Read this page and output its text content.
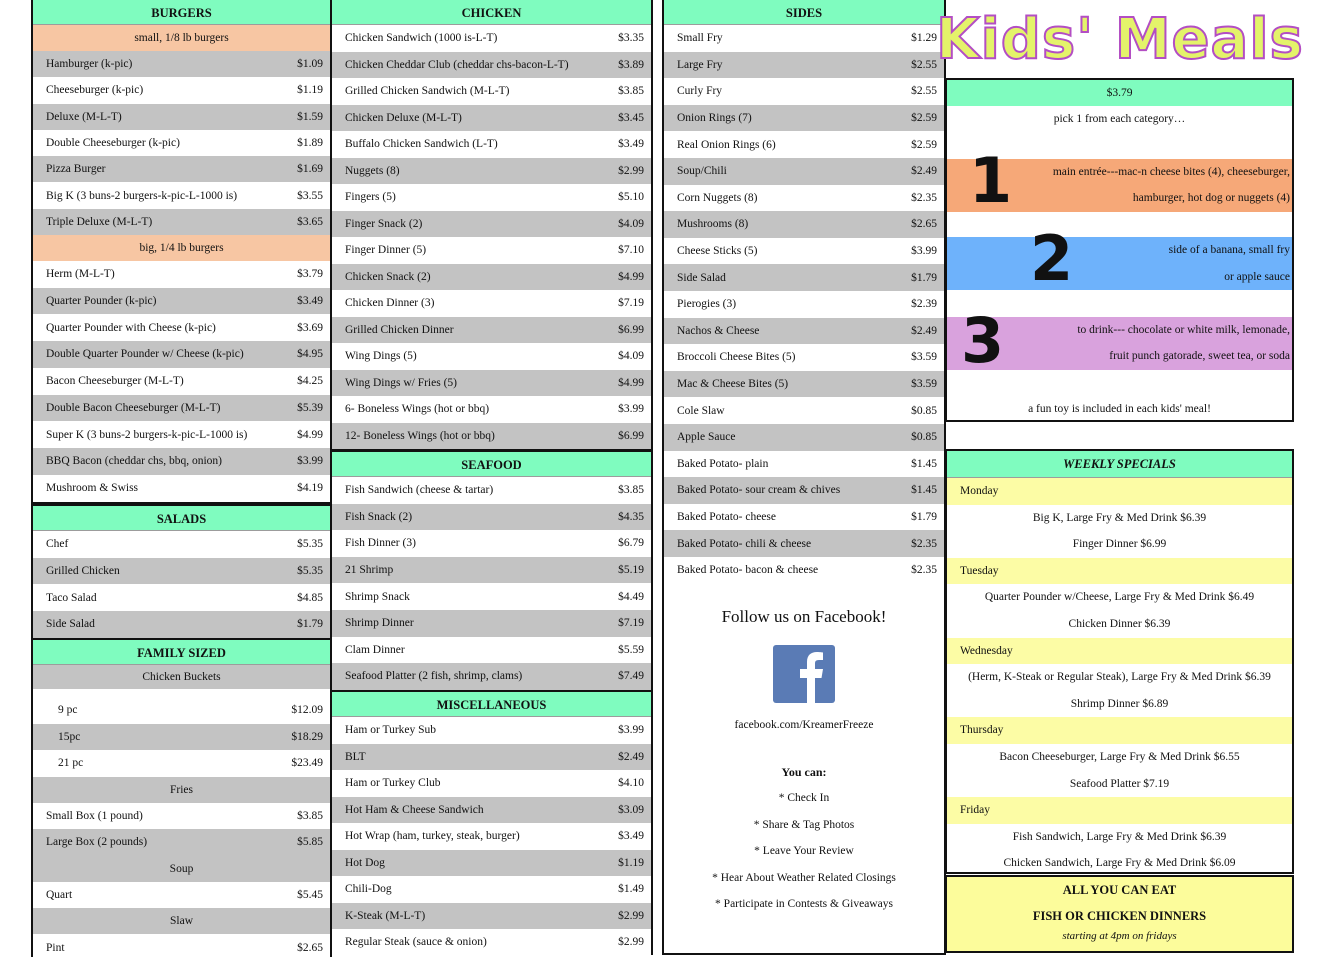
BURGERS
small, 1/8 lb burgers
Hamburger (k-pic)	$1.09
Cheeseburger (k-pic)	$1.19
Deluxe (M-L-T)	$1.59
Double Cheeseburger (k-pic)	$1.89
Pizza Burger	$1.69
Big K (3 buns-2 burgers-k-pic-L-1000 is)	$3.55
Triple Deluxe (M-L-T)	$3.65
big, 1/4 lb burgers
Herm (M-L-T)	$3.79
Quarter Pounder (k-pic)	$3.49
Quarter Pounder with Cheese (k-pic)	$3.69
Double Quarter Pounder w/ Cheese (k-pic)	$4.95
Bacon Cheeseburger (M-L-T)	$4.25
Double Bacon Cheeseburger (M-L-T)	$5.39
Super K (3 buns-2 burgers-k-pic-L-1000 is)	$4.99
BBQ Bacon (cheddar chs, bbq, onion)	$3.99
Mushroom & Swiss	$4.19
SALADS
Chef	$5.35
Grilled Chicken	$5.35
Taco Salad	$4.85
Side Salad	$1.79
FAMILY SIZED
Chicken Buckets
9 pc	$12.09
15pc	$18.29
21 pc	$23.49
Fries
Small Box (1 pound)	$3.85
Large Box (2 pounds)	$5.85
Soup
Quart	$5.45
Slaw
Pint	$2.65
CHICKEN
Chicken Sandwich (1000 is-L-T)	$3.35
Chicken Cheddar Club (cheddar chs-bacon-L-T)	$3.89
Grilled Chicken Sandwich (M-L-T)	$3.85
Chicken Deluxe (M-L-T)	$3.45
Buffalo Chicken Sandwich (L-T)	$3.49
Nuggets (8)	$2.99
Fingers (5)	$5.10
Finger Snack (2)	$4.09
Finger Dinner (5)	$7.10
Chicken Snack (2)	$4.99
Chicken Dinner (3)	$7.19
Grilled Chicken Dinner	$6.99
Wing Dings (5)	$4.09
Wing Dings w/ Fries (5)	$4.99
6- Boneless Wings (hot or bbq)	$3.99
12- Boneless Wings (hot or bbq)	$6.99
SEAFOOD
Fish Sandwich (cheese & tartar)	$3.85
Fish Snack (2)	$4.35
Fish Dinner (3)	$6.79
21 Shrimp	$5.19
Shrimp Snack	$4.49
Shrimp Dinner	$7.19
Clam Dinner	$5.59
Seafood Platter (2 fish, shrimp, clams)	$7.49
MISCELLANEOUS
Ham or Turkey Sub	$3.99
BLT	$2.49
Ham or Turkey Club	$4.10
Hot Ham & Cheese Sandwich	$3.09
Hot Wrap (ham, turkey, steak, burger)	$3.49
Hot Dog	$1.19
Chili-Dog	$1.49
K-Steak (M-L-T)	$2.99
Regular Steak (sauce & onion)	$2.99
SIDES
Small Fry	$1.29
Large Fry	$2.55
Curly Fry	$2.55
Onion Rings (7)	$2.59
Real Onion Rings (6)	$2.59
Soup/Chili	$2.49
Corn Nuggets (8)	$2.35
Mushrooms (8)	$2.65
Cheese Sticks (5)	$3.99
Side Salad	$1.79
Pierogies (3)	$2.39
Nachos & Cheese	$2.49
Broccoli Cheese Bites (5)	$3.59
Mac & Cheese Bites (5)	$3.59
Cole Slaw	$0.85
Apple Sauce	$0.85
Baked Potato- plain	$1.45
Baked Potato- sour cream & chives	$1.45
Baked Potato- cheese	$1.79
Baked Potato- chili & cheese	$2.35
Baked Potato- bacon & cheese	$2.35
Follow us on Facebook!
facebook.com/KreamerFreeze
You can:
* Check In
* Share & Tag Photos
* Leave Your Review
* Hear About Weather Related Closings
* Participate in Contests & Giveaways
Kids' Meals
$3.79
pick 1 from each category…
main entrée---mac-n cheese bites (4), cheeseburger,
hamburger, hot dog or nuggets (4)
side of a banana, small fry
or apple sauce
to drink--- chocolate or white milk, lemonade,
fruit punch gatorade, sweet tea, or soda
1
2
3
a fun toy is included in each kids' meal!
WEEKLY SPECIALS
Monday
Big K, Large Fry & Med Drink $6.39
Finger Dinner $6.99
Tuesday
Quarter Pounder w/Cheese, Large Fry & Med Drink $6.49
Chicken Dinner $6.39
Wednesday
(Herm, K-Steak or Regular Steak), Large Fry & Med Drink $6.39
Shrimp Dinner $6.89
Thursday
Bacon Cheeseburger, Large Fry & Med Drink $6.55
Seafood Platter $7.19
Friday
Fish Sandwich, Large Fry & Med Drink $6.39
Chicken Sandwich, Large Fry & Med Drink $6.09
ALL YOU CAN EAT
FISH OR CHICKEN DINNERS
starting at 4pm on fridays
